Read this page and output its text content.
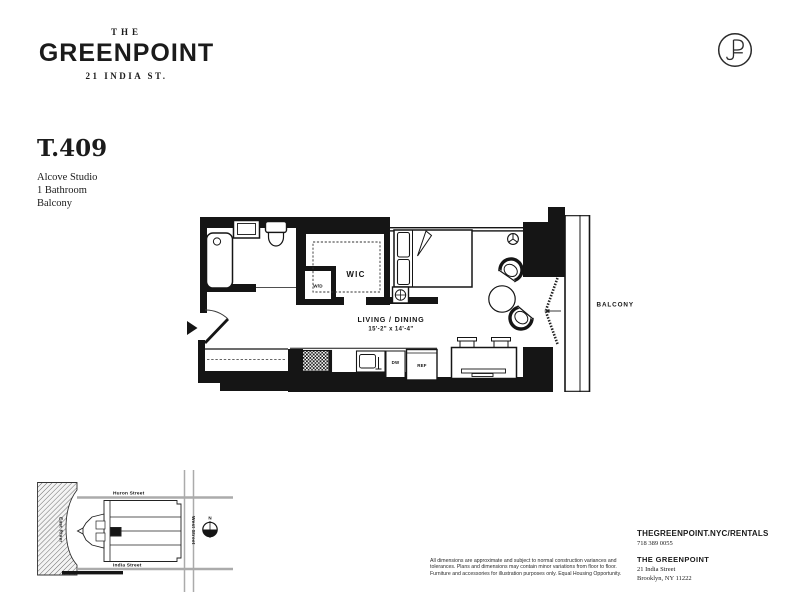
THE
GREENPOINT
21 INDIA ST.
T.409
Alcove Studio
1 Bathroom
Balcony
W/D
WIC
DW
REF
LIVING / DINING
15'-2" x 14'-4"
BALCONY
Huron Street
India Street
West Street
East River	N
All dimensions are approximate and subject to normal construction variances and tolerances. Plans and dimensions may contain minor variations from floor to floor. Furniture and accessories for illustration purposes only. Equal Housing Opportunity.
THEGREENPOINT.NYC/RENTALS
718 389 0055
THE GREENPOINT
21 India Street
Brooklyn, NY 11222
